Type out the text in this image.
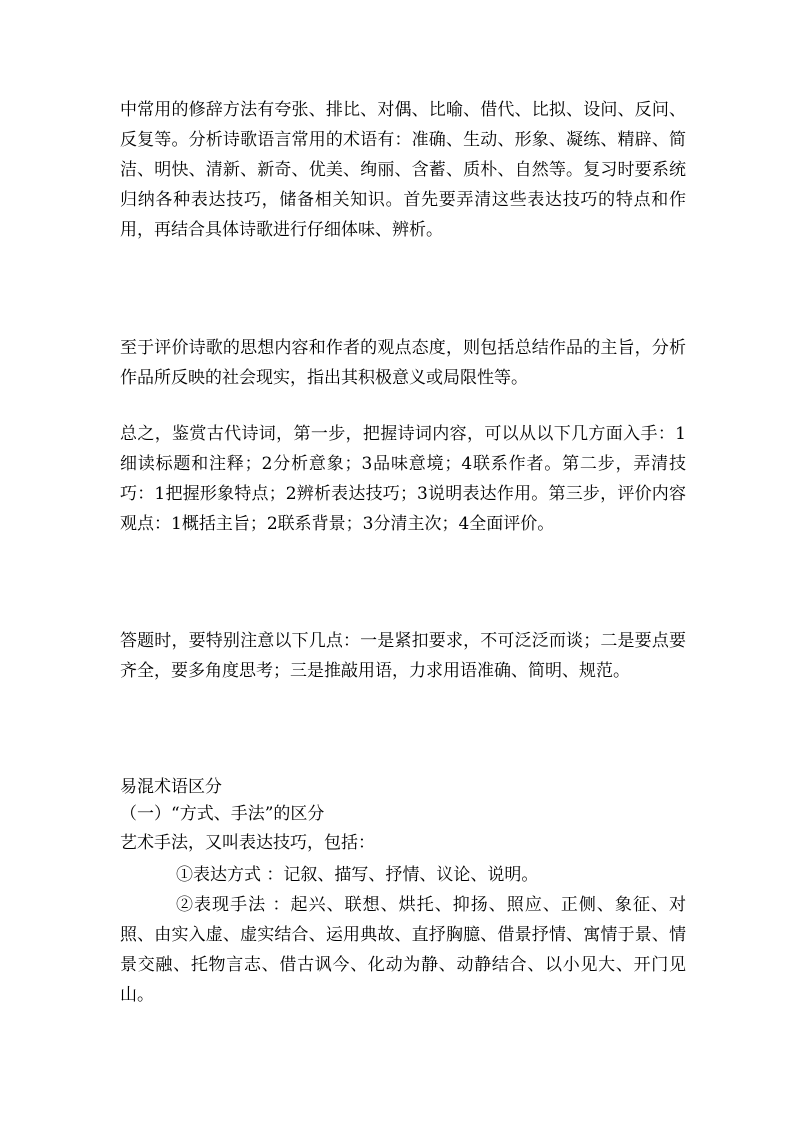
中常用的修辞方法有夸张、排比、对偶、比喻、借代、比拟、设问、反问、反复等。分析诗歌语言常用的术语有：准确、生动、形象、凝练、精辟、简洁、明快、清新、新奇、优美、绚丽、含蓄、质朴、自然等。复习时要系统归纳各种表达技巧，储备相关知识。首先要弄清这些表达技巧的特点和作用，再结合具体诗歌进行仔细体味、辨析。

至于评价诗歌的思想内容和作者的观点态度，则包括总结作品的主旨，分析作品所反映的社会现实，指出其积极意义或局限性等。

总之，鉴赏古代诗词，第一步，把握诗词内容，可以从以下几方面入手：1细读标题和注释；2分析意象；3品味意境；4联系作者。第二步，弄清技巧：1把握形象特点；2辨析表达技巧；3说明表达作用。第三步，评价内容观点：1概括主旨；2联系背景；3分清主次；4全面评价。

答题时，要特别注意以下几点：一是紧扣要求，不可泛泛而谈；二是要点要齐全，要多角度思考；三是推敲用语，力求用语准确、简明、规范。

易混术语区分

（一）“方式、手法”的区分

艺术手法，又叫表达技巧，包括：

①表达方式 ：记叙、描写、抒情、议论、说明。

②表现手法 ：起兴、联想、烘托、抑扬、照应、正侧、象征、对照、由实入虚、虚实结合、运用典故、直抒胸臆、借景抒情、寓情于景、情景交融、托物言志、借古讽今、化动为静、动静结合、以小见大、开门见山。
